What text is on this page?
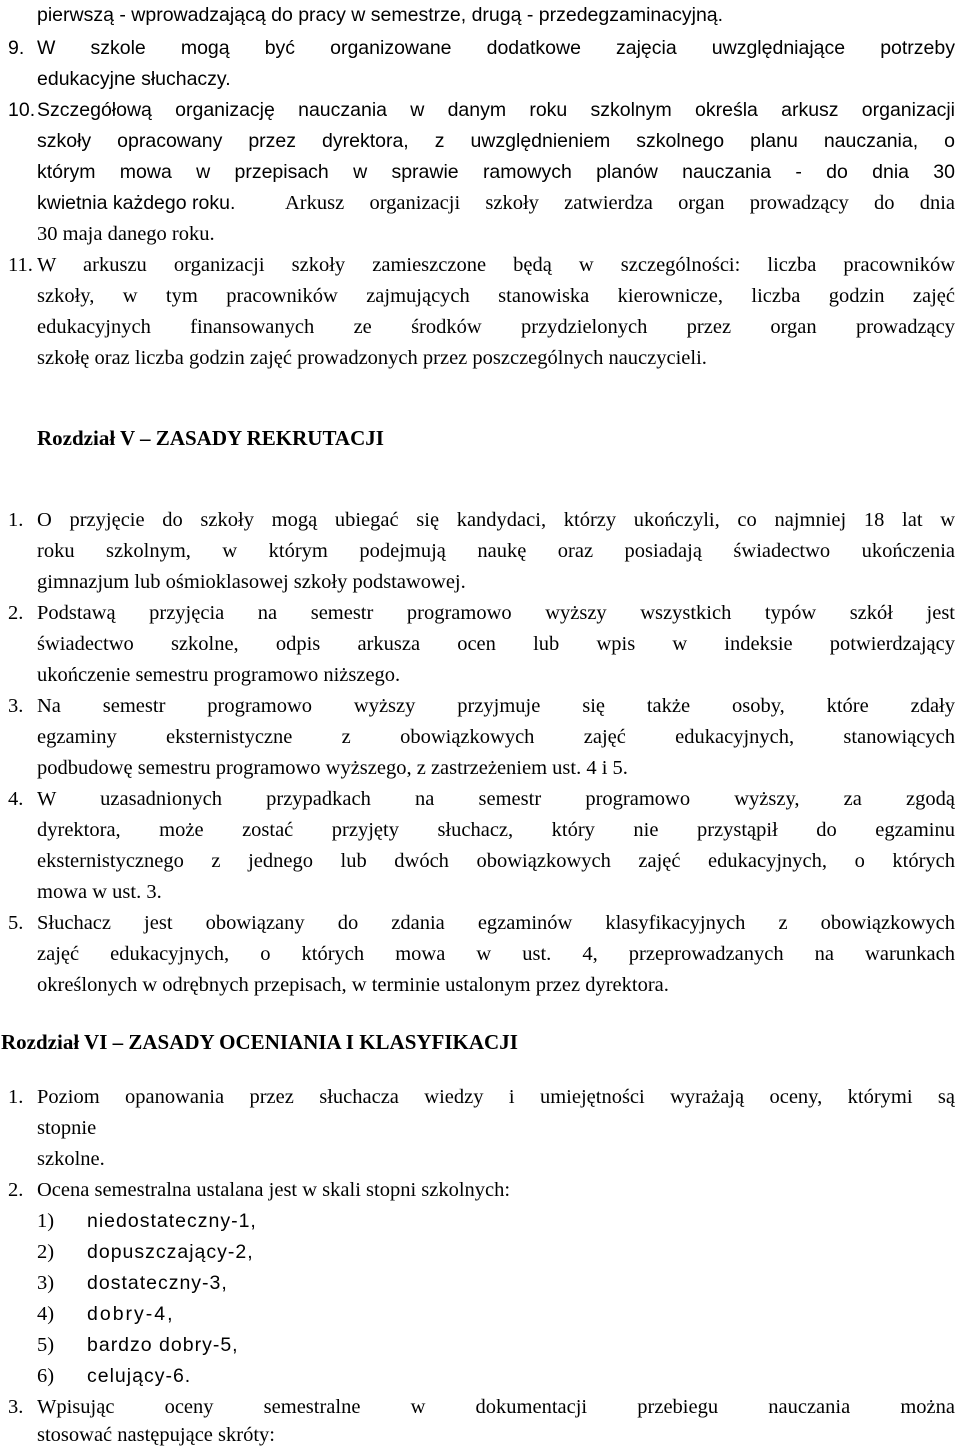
pierwszą - wprowadzającą do pracy w semestrze, drugą - przedegzaminacyjną.
9. W szkole mogą być organizowane dodatkowe zajęcia uwzględniające potrzeby
edukacyjne słuchaczy.
10. Szczegółową organizację nauczania w danym roku szkolnym określa arkusz organizacji
szkoły opracowany przez dyrektora, z uwzględnieniem szkolnego planu nauczania, o
którym mowa w przepisach w sprawie ramowych planów nauczania - do dnia 30
kwietnia każdego roku. Arkusz organizacji szkoły zatwierdza organ prowadzący do dnia
30 maja danego roku.
11. W arkuszu organizacji szkoły zamieszczone będą w szczególności: liczba pracowników
szkoły, w tym pracowników zajmujących stanowiska kierownicze, liczba godzin zajęć
edukacyjnych finansowanych ze środków przydzielonych przez organ prowadzący
szkołę oraz liczba godzin zajęć prowadzonych przez poszczególnych nauczycieli.
Rozdział V – ZASADY REKRUTACJI
1. O przyjęcie do szkoły mogą ubiegać się kandydaci, którzy ukończyli, co najmniej 18 lat w
roku szkolnym, w którym podejmują naukę oraz posiadają świadectwo ukończenia
gimnazjum lub ośmioklasowej szkoły podstawowej.
2. Podstawą przyjęcia na semestr programowo wyższy wszystkich typów szkół jest
świadectwo szkolne, odpis arkusza ocen lub wpis w indeksie potwierdzający
ukończenie semestru programowo niższego.
3. Na semestr programowo wyższy przyjmuje się także osoby, które zdały
egzaminy eksternistyczne z obowiązkowych zajęć edukacyjnych, stanowiących
podbudowę semestru programowo wyższego, z zastrzeżeniem ust. 4 i 5.
4. W uzasadnionych przypadkach na semestr programowo wyższy, za zgodą
dyrektora, może zostać przyjęty słuchacz, który nie przystąpił do egzaminu
eksternistycznego z jednego lub dwóch obowiązkowych zajęć edukacyjnych, o których
mowa w ust. 3.
5. Słuchacz jest obowiązany do zdania egzaminów klasyfikacyjnych z obowiązkowych
zajęć edukacyjnych, o których mowa w ust. 4, przeprowadzanych na warunkach
określonych w odrębnych przepisach, w terminie ustalonym przez dyrektora.
Rozdział VI – ZASADY OCENIANIA I KLASYFIKACJI
1. Poziom opanowania przez słuchacza wiedzy i umiejętności wyrażają oceny, którymi są
stopnie
szkolne.
2. Ocena semestralna ustalana jest w skali stopni szkolnych:
1) niedostateczny-1,
2) dopuszczający-2,
3) dostateczny-3,
4) dobry-4,
5) bardzo dobry-5,
6) celujący-6.
3. Wpisując oceny semestralne w dokumentacji przebiegu nauczania można
stosować następujące skróty:
